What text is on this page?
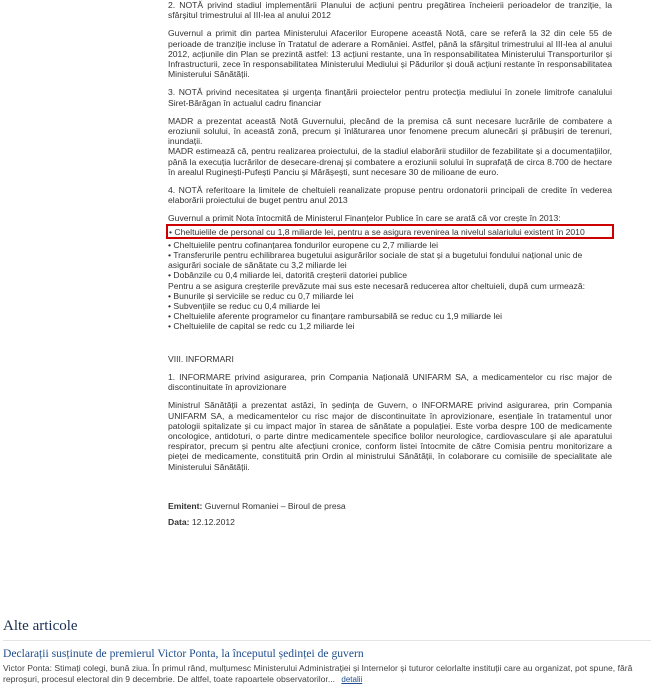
2. NOTĂ privind stadiul implementării Planului de acțiuni pentru pregătirea încheierii perioadelor de tranziție, la sfârșitul trimestrului al III-lea al anului 2012

Guvernul a primit din partea Ministerului Afacerilor Europene această Notă, care se referă la 32 din cele 55 de perioade de tranziție incluse în Tratatul de aderare a României. Astfel, până la sfârșitul trimestrului al III-lea al anului 2012, acțiunile din Plan se prezintă astfel: 13 acțiuni restante, una în responsabilitatea Ministerului Transporturilor și Infrastructurii, zece în responsabilitatea Ministerului Mediului și Pădurilor și două acțiuni restante în responsabilitatea Ministerului Sănătății.

3. NOTĂ privind necesitatea și urgența finanțării proiectelor pentru protecția mediului în zonele limitrofe canalului Siret-Bărăgan în actualul cadru financiar

MADR a prezentat această Notă Guvernului, plecând de la premisa că sunt necesare lucrările de combatere a eroziunii solului, în această zonă, precum și înlăturarea unor fenomene precum alunecări și prăbușiri de terenuri, inundații.

MADR estimează că, pentru realizarea proiectului, de la stadiul elaborării studiilor de fezabilitate și a documentațiilor, până la execuția lucrărilor de desecare-drenaj și combatere a eroziunii solului în suprafață de circa 8.700 de hectare în arealul Ruginești-Pufești Panciu și Mărășești, sunt necesare 30 de milioane de euro.

4. NOTĂ referitoare la limitele de cheltuieli reanalizate propuse pentru ordonatorii principali de credite în vederea elaborării proiectului de buget pentru anul 2013

Guvernul a primit Nota întocmită de Ministerul Finanțelor Publice în care se arată că vor crește în 2013:

• Cheltuielile de personal cu 1,8 miliarde lei, pentru a se asigura revenirea la nivelul salariului existent în 2010
• Cheltuielile pentru cofinanțarea fondurilor europene cu 2,7 miliarde lei
• Transferurile pentru echilibrarea bugetului asigurărilor sociale de stat și a bugetului fondului național unic de asigurări sociale de sănătate cu 3,2 miliarde lei
• Dobânzile cu 0,4 miliarde lei, datorită creșterii datoriei publice

Pentru a se asigura creșterile prevăzute mai sus este necesară reducerea altor cheltuieli, după cum urmează:

• Bunurile și serviciile se reduc cu 0,7 miliarde lei
• Subvențiile se reduc cu 0,4 miliarde lei
• Cheltuielile aferente programelor cu finanțare rambursabilă se reduc cu 1,9 miliarde lei
• Cheltuielile de capital se redc cu 1,2 miliarde lei

VIII. INFORMARI

1. INFORMARE privind asigurarea, prin Compania Națională UNIFARM SA, a medicamentelor cu risc major de discontinuitate în aprovizionare

Ministrul Sănătății a prezentat astăzi, în ședința de Guvern, o INFORMARE privind asigurarea, prin Compania UNIFARM SA, a medicamentelor cu risc major de discontinuitate în aprovizionare, esențiale în tratamentul unor patologii spitalizate și cu impact major în starea de sănătate a populației. Este vorba despre 100 de medicamente oncologice, antidoturi, o parte dintre medicamentele specifice bolilor neurologice, cardiovasculare și ale aparatului respirator, precum și pentru alte afecțiuni cronice, conform listei întocmite de către Comisia pentru monitorizare a pieței de medicamente, constituită prin Ordin al ministrului Sănătății, în colaborare cu comisiile de specialitate ale Ministerului Sănătății.

Emitent: Guvernul Romaniei – Biroul de presa
Data: 12.12.2012
Alte articole
Declarații susținute de premierul Victor Ponta, la începutul ședinței de guvern
Victor Ponta: Stimați colegi, bună ziua. În primul rând, mulțumesc Ministerului Administrației și Internelor și tuturor celorlalte instituții care au organizat, pot spune, fără reproșuri, procesul electoral din 9 decembrie. De altfel, toate rapoartele observatorilor... detalii
